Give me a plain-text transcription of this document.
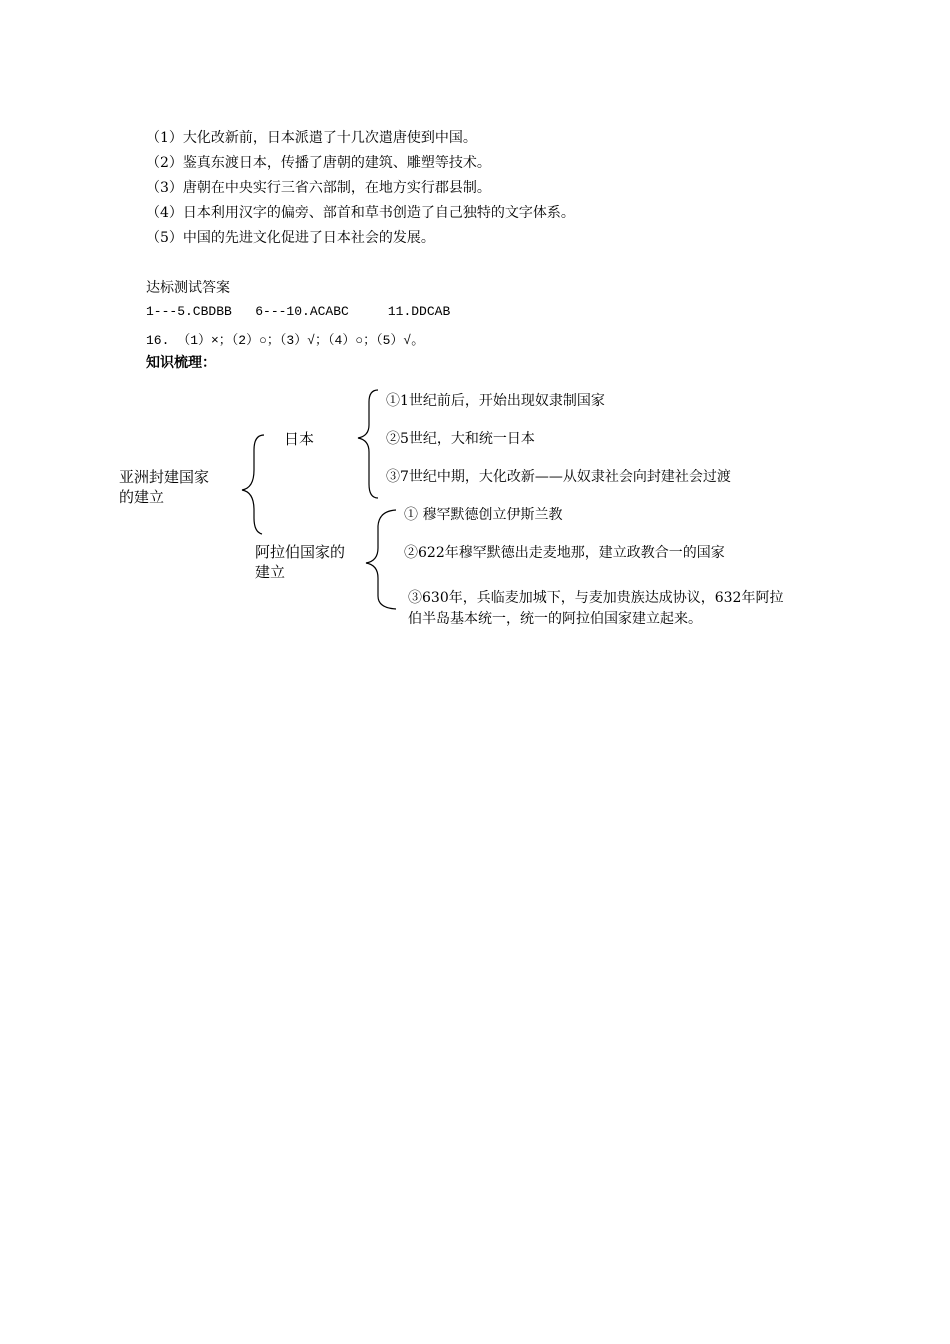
（1）大化改新前，日本派遣了十几次遣唐使到中国。
（2）鉴真东渡日本，传播了唐朝的建筑、雕塑等技术。
（3）唐朝在中央实行三省六部制，在地方实行郡县制。
（4）日本利用汉字的偏旁、部首和草书创造了自己独特的文字体系。
（5）中国的先进文化促进了日本社会的发展。
达标测试答案
1---5.CBDBB   6---10.ACABC     11.DDCAB
16. （1）×；（2）○；（3）√；（4）○；（5）√。
知识梳理：
亚洲封建国家的建立
日本
①1世纪前后，开始出现奴隶制国家
②5世纪，大和统一日本
③7世纪中期，大化改新——从奴隶社会向封建社会过渡
阿拉伯国家的建立
① 穆罕默德创立伊斯兰教
②622年穆罕默德出走麦地那，建立政教合一的国家
③630年，兵临麦加城下，与麦加贵族达成协议，632年阿拉伯半岛基本统一，统一的阿拉伯国家建立起来。
